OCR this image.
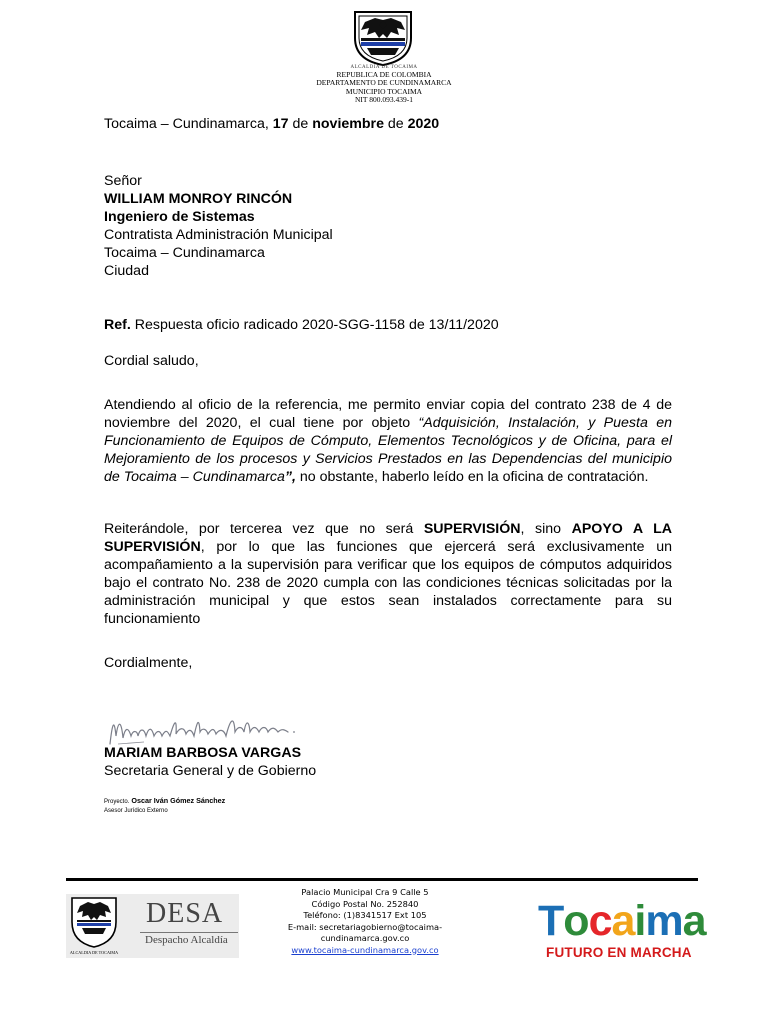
ALCALDIA DE TOCAIMA
REPUBLICA DE COLOMBIA
DEPARTAMENTO DE CUNDINAMARCA
MUNICIPIO TOCAIMA
NIT 800.093.439-1
Tocaima – Cundinamarca, 17 de noviembre de 2020
Señor
WILLIAM MONROY RINCÓN
Ingeniero de Sistemas
Contratista Administración Municipal
Tocaima – Cundinamarca
Ciudad
Ref. Respuesta oficio radicado 2020-SGG-1158 de 13/11/2020
Cordial saludo,
Atendiendo al oficio de la referencia, me permito enviar copia del contrato 238 de 4 de noviembre del 2020, el cual tiene por objeto “Adquisición, Instalación, y Puesta en Funcionamiento de Equipos de Cómputo, Elementos Tecnológicos y de Oficina, para el Mejoramiento de los procesos y Servicios Prestados en las Dependencias del municipio de Tocaima – Cundinamarca”, no obstante, haberlo leído en la oficina de contratación.
Reiterándole, por tercerea vez que no será SUPERVISIÓN, sino APOYO A LA SUPERVISIÓN, por lo que las funciones que ejercerá será exclusivamente un acompañamiento a la supervisión para verificar que los equipos de cómputos adquiridos bajo el contrato No. 238 de 2020 cumpla con las condiciones técnicas solicitadas por la administración municipal y que estos sean instalados correctamente para su funcionamiento
Cordialmente,
MARIAM BARBOSA VARGAS
Secretaria General y de Gobierno
Proyecto. Oscar Iván Gómez Sánchez
Asesor Jurídico Externo
ALCALDIA DE TOCAIMA
DESA
Despacho Alcaldía
Palacio Municipal Cra 9 Calle 5
Código Postal No. 252840
Teléfono: (1)8341517 Ext 105
E-mail: secretariagobierno@tocaima-
cundinamarca.gov.co
www.tocaima-cundinamarca.gov.co
Tocaima
FUTURO EN MARCHA
